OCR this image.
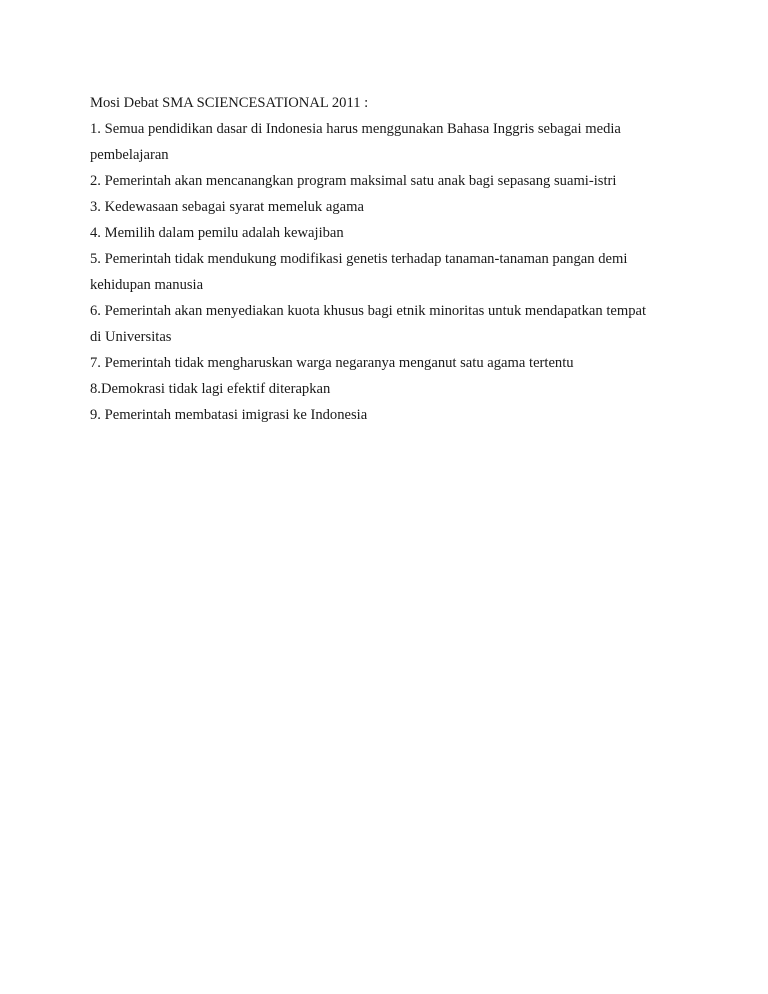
Mosi Debat SMA SCIENCESATIONAL 2011 :

1. Semua pendidikan dasar di Indonesia harus menggunakan Bahasa Inggris sebagai media

pembelajaran

2. Pemerintah akan mencanangkan program maksimal satu anak bagi sepasang suami-istri

3. Kedewasaan sebagai syarat memeluk agama

4. Memilih dalam pemilu adalah kewajiban

5. Pemerintah tidak mendukung modifikasi genetis terhadap tanaman-tanaman pangan demi

kehidupan manusia

6. Pemerintah akan menyediakan kuota khusus bagi etnik minoritas untuk mendapatkan tempat

di Universitas

7. Pemerintah tidak mengharuskan warga negaranya menganut satu agama tertentu

8.Demokrasi tidak lagi efektif diterapkan

9. Pemerintah membatasi imigrasi ke Indonesia
